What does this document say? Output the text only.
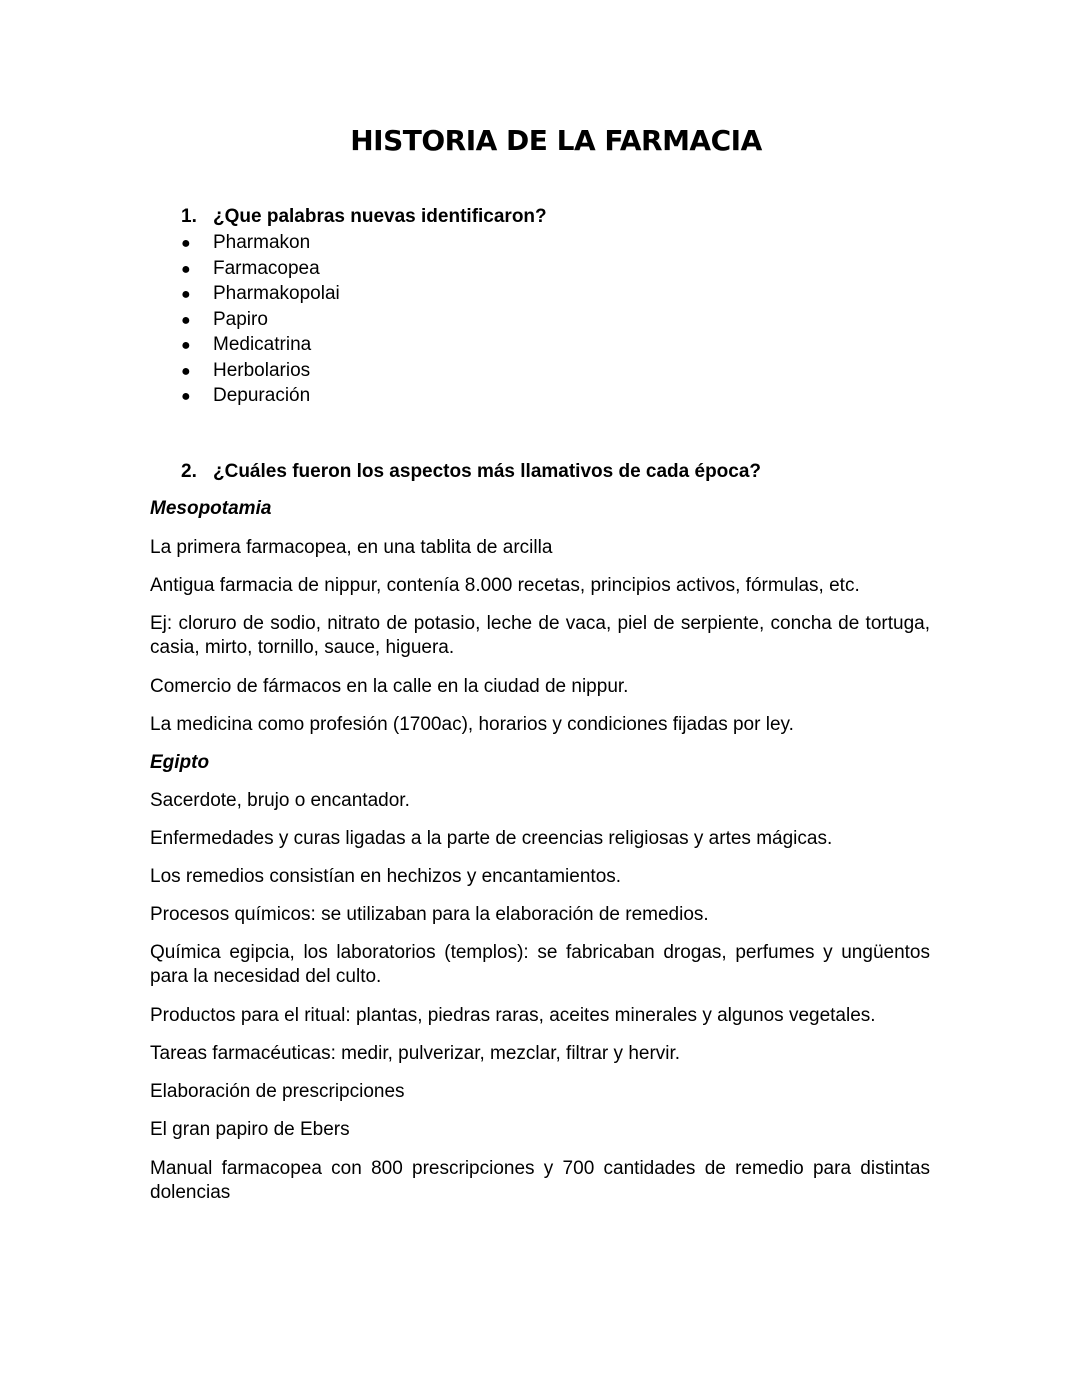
HISTORIA DE LA FARMACIA
1. ¿Que palabras nuevas identificaron?
● Pharmakon
● Farmacopea
● Pharmakopolai
● Papiro
● Medicatrina
● Herbolarios
● Depuración
2. ¿Cuáles fueron los aspectos más llamativos de cada época?

Mesopotamia

La primera farmacopea, en una tablita de arcilla

Antigua farmacia de nippur, contenía 8.000 recetas, principios activos, fórmulas, etc.

Ej: cloruro de sodio, nitrato de potasio, leche de vaca, piel de serpiente, concha de tortuga, casia, mirto, tornillo, sauce, higuera.

Comercio de fármacos en la calle en la ciudad de nippur.

La medicina como profesión (1700ac), horarios y condiciones fijadas por ley.

Egipto

Sacerdote, brujo o encantador.

Enfermedades y curas ligadas a la parte de creencias religiosas y artes mágicas.

Los remedios consistían en hechizos y encantamientos.

Procesos químicos: se utilizaban para la elaboración de remedios.

Química egipcia, los laboratorios (templos): se fabricaban drogas, perfumes y ungüentos para la necesidad del culto.

Productos para el ritual: plantas, piedras raras, aceites minerales y algunos vegetales.

Tareas farmacéuticas: medir, pulverizar, mezclar, filtrar y hervir.

Elaboración de prescripciones

El gran papiro de Ebers

Manual farmacopea con 800 prescripciones y 700 cantidades de remedio para distintas dolencias
